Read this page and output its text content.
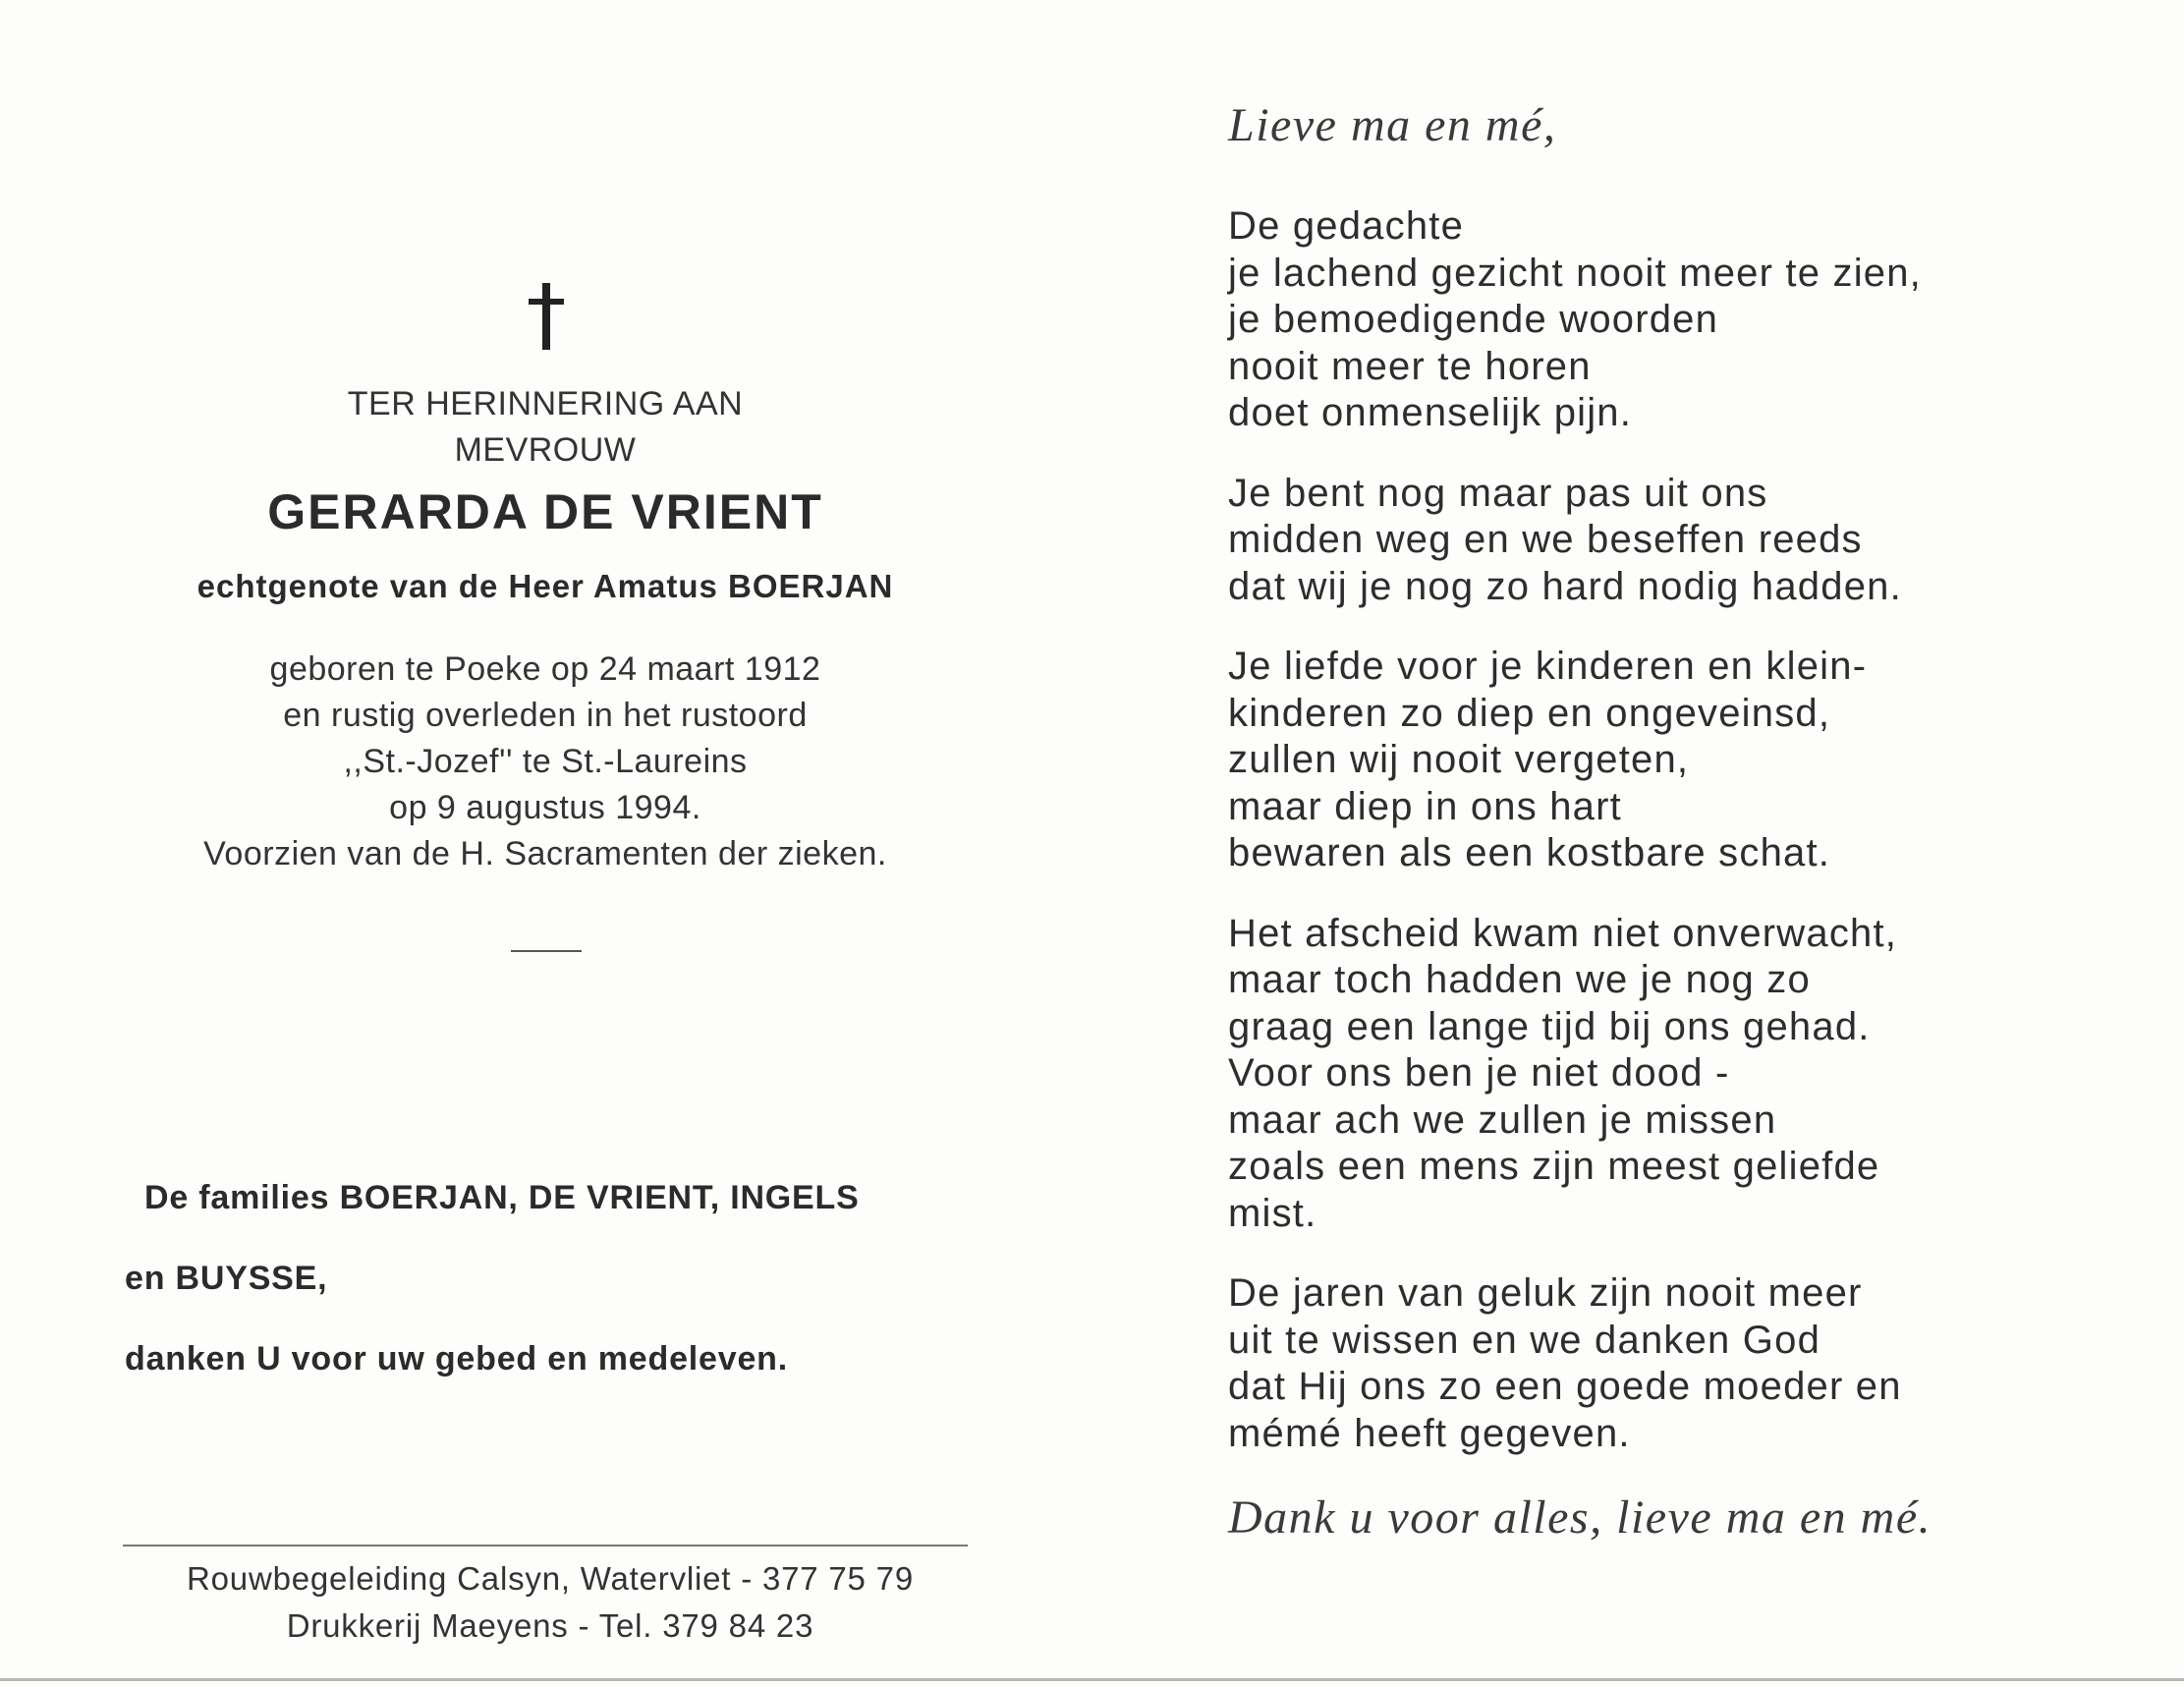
TER HERINNERING AAN
MEVROUW
GERARDA DE VRIENT
echtgenote van de Heer Amatus BOERJAN
geboren te Poeke op 24 maart 1912
en rustig overleden in het rustoord
,,St.-Jozef'' te St.-Laureins
op 9 augustus 1994.
Voorzien van de H. Sacramenten der zieken.
De families BOERJAN, DE VRIENT, INGELS
en BUYSSE,
danken U voor uw gebed en medeleven.
Rouwbegeleiding Calsyn, Watervliet - 377 75 79
Drukkerij Maeyens - Tel. 379 84 23
Lieve ma en mé,
De gedachte
je lachend gezicht nooit meer te zien,
je bemoedigende woorden
nooit meer te horen
doet onmenselijk pijn.
Je bent nog maar pas uit ons
midden weg en we beseffen reeds
dat wij je nog zo hard nodig hadden.
Je liefde voor je kinderen en klein-
kinderen zo diep en ongeveinsd,
zullen wij nooit vergeten,
maar diep in ons hart
bewaren als een kostbare schat.
Het afscheid kwam niet onverwacht,
maar toch hadden we je nog zo
graag een lange tijd bij ons gehad.
Voor ons ben je niet dood -
maar ach we zullen je missen
zoals een mens zijn meest geliefde
mist.
De jaren van geluk zijn nooit meer
uit te wissen en we danken God
dat Hij ons zo een goede moeder en
mémé heeft gegeven.
Dank u voor alles, lieve ma en mé.
